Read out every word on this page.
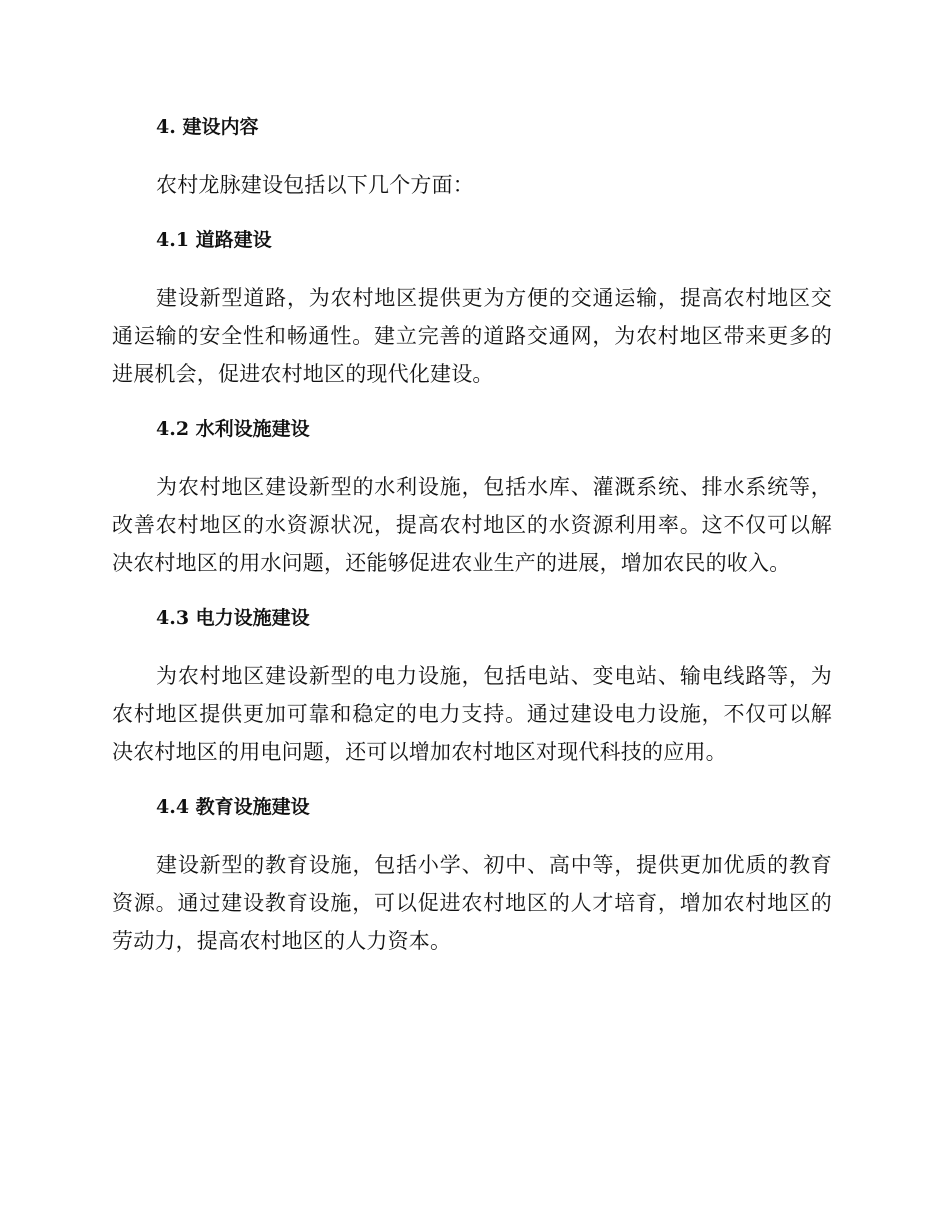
4. 建设内容

农村龙脉建设包括以下几个方面：

4.1 道路建设

建设新型道路，为农村地区提供更为方便的交通运输，提高农村地区交通运输的安全性和畅通性。建立完善的道路交通网，为农村地区带来更多的进展机会，促进农村地区的现代化建设。

4.2 水利设施建设

为农村地区建设新型的水利设施，包括水库、灌溉系统、排水系统等，改善农村地区的水资源状况，提高农村地区的水资源利用率。这不仅可以解决农村地区的用水问题，还能够促进农业生产的进展，增加农民的收入。

4.3 电力设施建设

为农村地区建设新型的电力设施，包括电站、变电站、输电线路等，为农村地区提供更加可靠和稳定的电力支持。通过建设电力设施，不仅可以解决农村地区的用电问题，还可以增加农村地区对现代科技的应用。

4.4 教育设施建设

建设新型的教育设施，包括小学、初中、高中等，提供更加优质的教育资源。通过建设教育设施，可以促进农村地区的人才培育，增加农村地区的劳动力，提高农村地区的人力资本。
